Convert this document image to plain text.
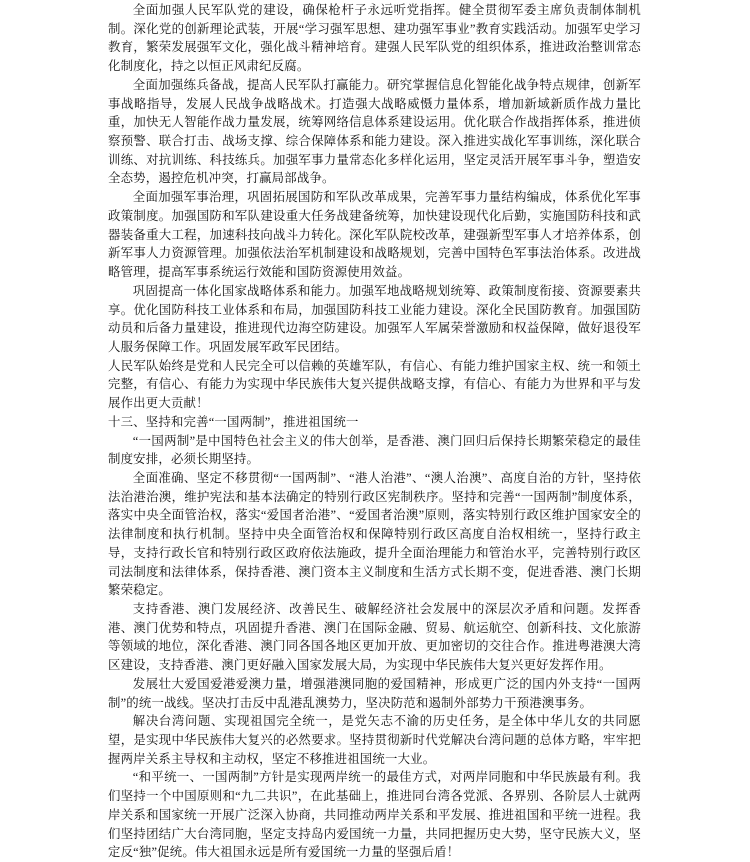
全面加强人民军队党的建设，确保枪杆子永远听党指挥。健全贯彻军委主席负责制体制机制。深化党的创新理论武装，开展“学习强军思想、建功强军事业”教育实践活动。加强军史学习教育，繁荣发展强军文化，强化战斗精神培育。建强人民军队党的组织体系，推进政治整训常态化制度化，持之以恒正风肃纪反腐。

全面加强练兵备战，提高人民军队打赢能力。研究掌握信息化智能化战争特点规律，创新军事战略指导，发展人民战争战略战术。打造强大战略威慑力量体系，增加新域新质作战力量比重，加快无人智能作战力量发展，统筹网络信息体系建设运用。优化联合作战指挥体系，推进侦察预警、联合打击、战场支撑、综合保障体系和能力建设。深入推进实战化军事训练，深化联合训练、对抗训练、科技练兵。加强军事力量常态化多样化运用，坚定灵活开展军事斗争，塑造安全态势，遏控危机冲突，打赢局部战争。

全面加强军事治理，巩固拓展国防和军队改革成果，完善军事力量结构编成，体系优化军事政策制度。加强国防和军队建设重大任务战建备统筹，加快建设现代化后勤，实施国防科技和武器装备重大工程，加速科技向战斗力转化。深化军队院校改革，建强新型军事人才培养体系，创新军事人力资源管理。加强依法治军机制建设和战略规划，完善中国特色军事法治体系。改进战略管理，提高军事系统运行效能和国防资源使用效益。

巩固提高一体化国家战略体系和能力。加强军地战略规划统筹、政策制度衔接、资源要素共享。优化国防科技工业体系和布局，加强国防科技工业能力建设。深化全民国防教育。加强国防动员和后备力量建设，推进现代边海空防建设。加强军人军属荣誉激励和权益保障，做好退役军人服务保障工作。巩固发展军政军民团结。

人民军队始终是党和人民完全可以信赖的英雄军队，有信心、有能力维护国家主权、统一和领土完整，有信心、有能力为实现中华民族伟大复兴提供战略支撑，有信心、有能力为世界和平与发展作出更大贡献！

十三、坚持和完善“一国两制”，推进祖国统一

“一国两制”是中国特色社会主义的伟大创举，是香港、澳门回归后保持长期繁荣稳定的最佳制度安排，必须长期坚持。

全面准确、坚定不移贯彻“一国两制”、“港人治港”、“澳人治澳”、高度自治的方针，坚持依法治港治澳，维护宪法和基本法确定的特别行政区宪制秩序。坚持和完善“一国两制”制度体系，落实中央全面管治权，落实“爱国者治港”、“爱国者治澳”原则，落实特别行政区维护国家安全的法律制度和执行机制。坚持中央全面管治权和保障特别行政区高度自治权相统一，坚持行政主导，支持行政长官和特别行政区政府依法施政，提升全面治理能力和管治水平，完善特别行政区司法制度和法律体系，保持香港、澳门资本主义制度和生活方式长期不变，促进香港、澳门长期繁荣稳定。

支持香港、澳门发展经济、改善民生、破解经济社会发展中的深层次矛盾和问题。发挥香港、澳门优势和特点，巩固提升香港、澳门在国际金融、贸易、航运航空、创新科技、文化旅游等领域的地位，深化香港、澳门同各国各地区更加开放、更加密切的交往合作。推进粤港澳大湾区建设，支持香港、澳门更好融入国家发展大局，为实现中华民族伟大复兴更好发挥作用。

发展壮大爱国爱港爱澳力量，增强港澳同胞的爱国精神，形成更广泛的国内外支持“一国两制”的统一战线。坚决打击反中乱港乱澳势力，坚决防范和遏制外部势力干预港澳事务。

解决台湾问题、实现祖国完全统一，是党矢志不渝的历史任务，是全体中华儿女的共同愿望，是实现中华民族伟大复兴的必然要求。坚持贯彻新时代党解决台湾问题的总体方略，牢牢把握两岸关系主导权和主动权，坚定不移推进祖国统一大业。

“和平统一、一国两制”方针是实现两岸统一的最佳方式，对两岸同胞和中华民族最有利。我们坚持一个中国原则和“九二共识”，在此基础上，推进同台湾各党派、各界别、各阶层人士就两岸关系和国家统一开展广泛深入协商，共同推动两岸关系和平发展、推进祖国和平统一进程。我们坚持团结广大台湾同胞，坚定支持岛内爱国统一力量，共同把握历史大势，坚守民族大义，坚定反“独”促统。伟大祖国永远是所有爱国统一力量的坚强后盾！
